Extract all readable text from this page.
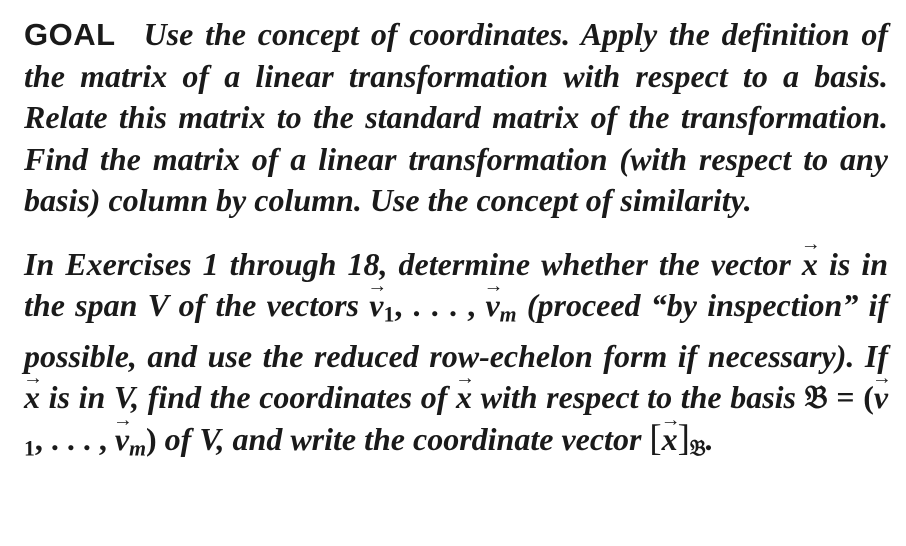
GOAL Use the concept of coordinates. Apply the definition of the matrix of a linear transformation with respect to a basis. Relate this matrix to the standard matrix of the transformation. Find the matrix of a linear transformation (with respect to any basis) column by column. Use the concept of similarity.

In Exercises 1 through 18, determine whether the vector → x is in the span V of the vectors → v1, . . . , → $v_m$ (proceed “by inspection” if possible, and use the reduced row-echelon form if necessary). If → x is in V, find the coordinates of → x with respect to the basis 𝔅 = (→ v1, . . . , → $v_m$) of V, and write the coordinate vector [→ $x]_𝔅$.
